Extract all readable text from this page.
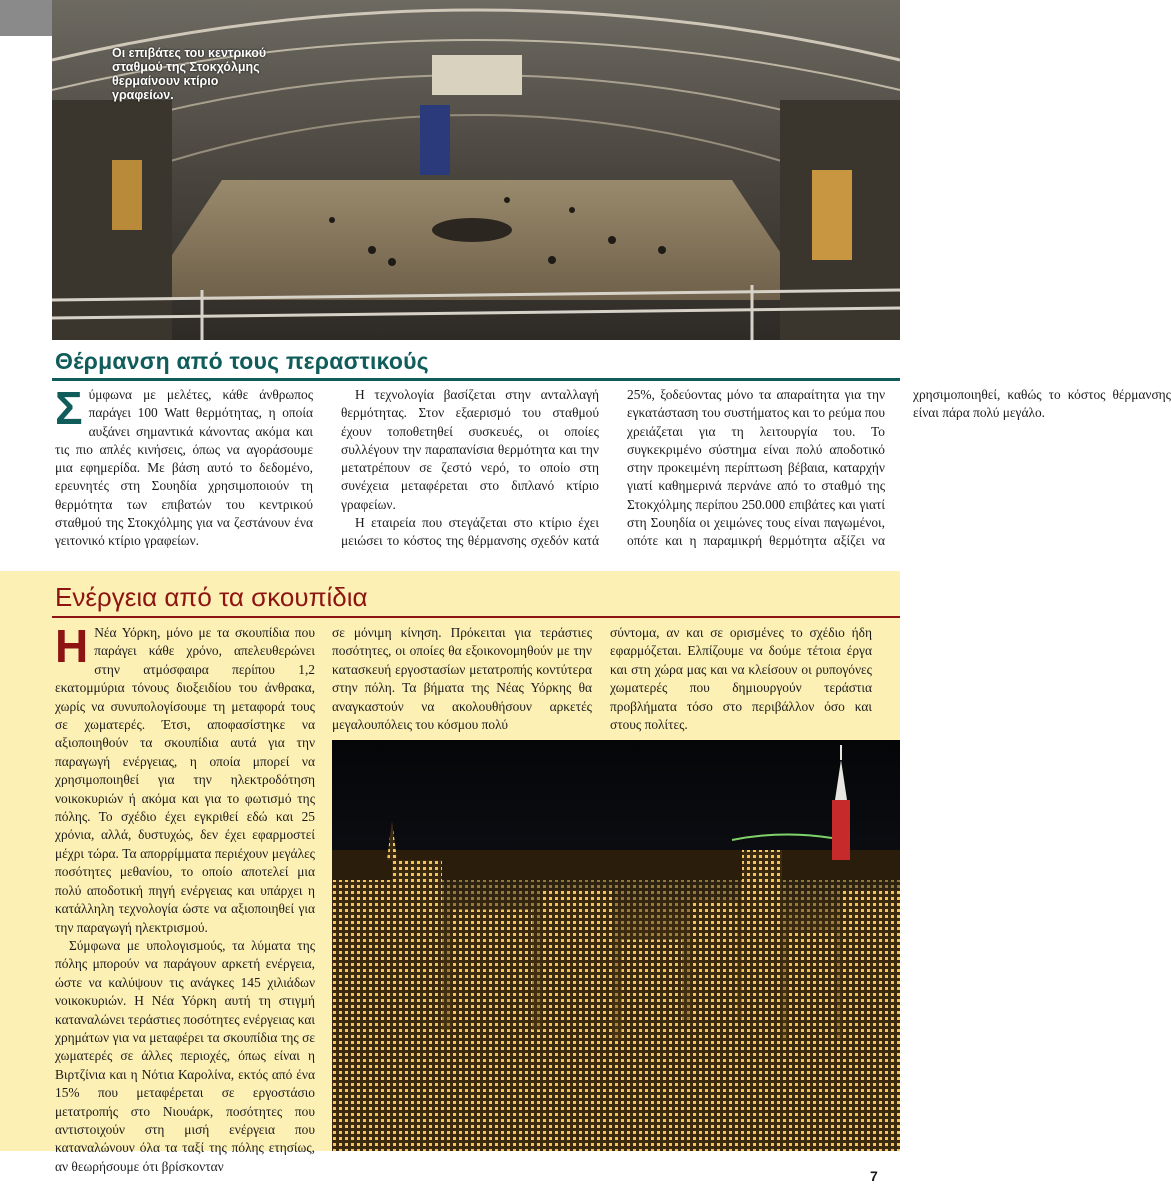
Οι επιβάτες του κεντρικού σταθμού της Στοκχόλμης θερμαίνουν κτίριο γραφείων.
Θέρμανση από τους περαστικούς

Σύμφωνα με μελέτες, κάθε άνθρωπος παράγει 100 Watt θερμότητας, η οποία αυξάνει σημαντικά κάνοντας ακόμα και τις πιο απλές κινήσεις, όπως να αγοράσουμε μια εφημερίδα. Με βάση αυτό το δεδομένο, ερευνητές στη Σουηδία χρησιμοποιούν τη θερμότητα των επιβατών του κεντρικού σταθμού της Στοκχόλμης για να ζεστάνουν ένα γειτονικό κτίριο γραφείων.

Η τεχνολογία βασίζεται στην ανταλλαγή θερμότητας. Στον εξαερισμό του σταθμού έχουν τοποθετηθεί συσκευές, οι οποίες συλλέγουν την παραπανίσια θερμότητα και την μετατρέπουν σε ζεστό νερό, το οποίο στη συνέχεια μεταφέρεται στο διπλανό κτίριο γραφείων.

Η εταιρεία που στεγάζεται στο κτίριο έχει μειώσει το κόστος της θέρμανσης σχεδόν κατά 25%, ξοδεύοντας μόνο τα απαραίτητα για την εγκατάσταση του συστήματος και το ρεύμα που χρειάζεται για τη λειτουργία του. Το συγκεκριμένο σύστημα είναι πολύ αποδοτικό στην προκειμένη περίπτωση βέβαια, καταρχήν γιατί καθημερινά περνάνε από το σταθμό της Στοκχόλμης περίπου 250.000 επιβάτες και γιατί στη Σουηδία οι χειμώνες τους είναι παγωμένοι, οπότε και η παραμικρή θερμότητα αξίζει να χρησιμοποιηθεί, καθώς το κόστος θέρμανσης είναι πάρα πολύ μεγάλο.

Ενέργεια από τα σκουπίδια

Η Νέα Υόρκη, μόνο με τα σκουπίδια που παράγει κάθε χρόνο, απελευθερώνει στην ατμόσφαιρα περίπου 1,2 εκατομμύρια τόνους διοξειδίου του άνθρακα, χωρίς να συνυπολογίσουμε τη μεταφορά τους σε χωματερές. Έτσι, αποφασίστηκε να αξιοποιηθούν τα σκουπίδια αυτά για την παραγωγή ενέργειας, η οποία μπορεί να χρησιμοποιηθεί για την ηλεκτροδότηση νοικοκυριών ή ακόμα και για το φωτισμό της πόλης. Το σχέδιο έχει εγκριθεί εδώ και 25 χρόνια, αλλά, δυστυχώς, δεν έχει εφαρμοστεί μέχρι τώρα. Τα απορρίμματα περιέχουν μεγάλες ποσότητες μεθανίου, το οποίο αποτελεί μια πολύ αποδοτική πηγή ενέργειας και υπάρχει η κατάλληλη τεχνολογία ώστε να αξιοποιηθεί για την παραγωγή ηλεκτρισμού.

Σύμφωνα με υπολογισμούς, τα λύματα της πόλης μπορούν να παράγουν αρκετή ενέργεια, ώστε να καλύψουν τις ανάγκες 145 χιλιάδων νοικοκυριών. Η Νέα Υόρκη αυτή τη στιγμή καταναλώνει τεράστιες ποσότητες ενέργειας και χρημάτων για να μεταφέρει τα σκουπίδια της σε χωματερές σε άλλες περιοχές, όπως είναι η Βιρτζίνια και η Νότια Καρολίνα, εκτός από ένα 15% που μεταφέρεται σε εργοστάσιο μετατροπής στο Νιουάρκ, ποσότητες που αντιστοιχούν στη μισή ενέργεια που καταναλώνουν όλα τα ταξί της πόλης ετησίως, αν θεωρήσουμε ότι βρίσκονταν

σε μόνιμη κίνηση. Πρόκειται για τεράστιες ποσότητες, οι οποίες θα εξοικονομηθούν με την κατασκευή εργοστασίων μετατροπής κοντύτερα στην πόλη. Τα βήματα της Νέας Υόρκης θα αναγκαστούν να ακολουθήσουν αρκετές μεγαλουπόλεις του κόσμου πολύ

σύντομα, αν και σε ορισμένες το σχέδιο ήδη εφαρμόζεται. Ελπίζουμε να δούμε τέτοια έργα και στη χώρα μας και να κλείσουν οι ρυπογόνες χωματερές που δημιουργούν τεράστια προβλήματα τόσο στο περιβάλλον όσο και στους πολίτες.

7
